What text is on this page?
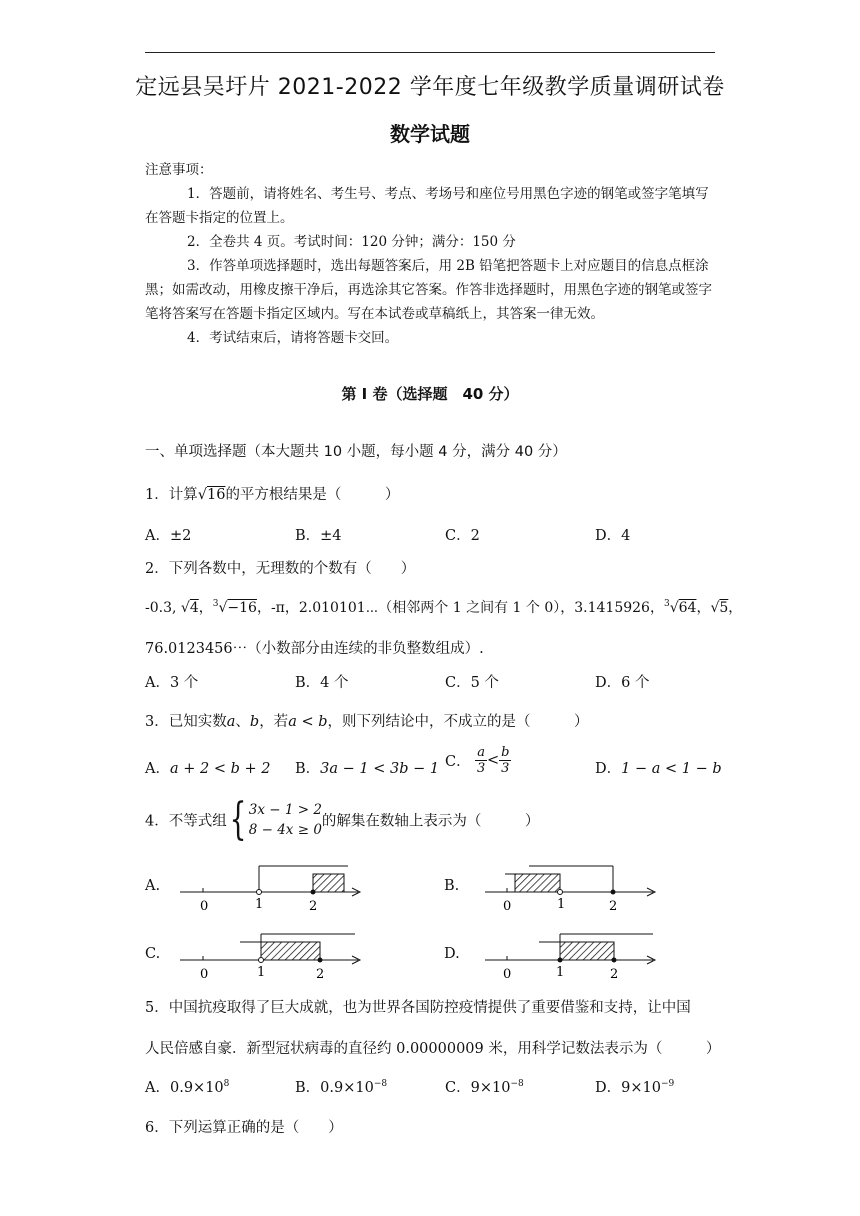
定远县吴圩片 2021-2022 学年度七年级教学质量调研试卷
数学试题

注意事项：

1．答题前，请将姓名、考生号、考点、考场号和座位号用黑色字迹的钢笔或签字笔填写在答题卡指定的位置上。

2．全卷共 4 页。考试时间：120 分钟；满分：150 分

3．作答单项选择题时，选出每题答案后，用 2B 铅笔把答题卡上对应题目的信息点框涂黑；如需改动，用橡皮擦干净后，再选涂其它答案。作答非选择题时，用黑色字迹的钢笔或签字笔将答案写在答题卡指定区域内。写在本试卷或草稿纸上，其答案一律无效。

4．考试结束后，请将答题卡交回。

第 I 卷（选择题　40 分）
一、单项选择题（本大题共 10 小题，每小题 4 分，满分 40 分）
1．计算√16的平方根结果是（　　　）
A．±2	B．±4	C．2	D．4
2．下列各数中，无理数的个数有（　　）
-0.3, √4，$^3$√−16，-π，2.010101⋯（相邻两个 1 之间有 1 个 0），3.1415926，$^3$√64，√5，
76.0123456⋯（小数部分由连续的非负整数组成）.
A．3 个	B．4 个	C．5 个	D．6 个
3．已知实数a、b，若a < b，则下列结论中，不成立的是（　　　）
A．a + 2 < b + 2 B．3a − 1 < 3b − 1 C． $\frac{a}{3} < \frac{b}{3}$	D．1 − a < 1 − b
4．不等式组{ 3x − 1 > 2
8 − 4x ≥ 0
的解集在数轴上表示为（　　　）
A.
0	1	2
B.
0	1	2
C.
0	1	2
D.
0	1	2
5．中国抗疫取得了巨大成就，也为世界各国防控疫情提供了重要借鉴和支持，让中国
人民倍感自豪．新型冠状病毒的直径约 0.00000009 米，用科学记数法表示为（　　　）
A．$0.9\times 10^8$	B．$0.9\times 10^{-8}$	C．$9\times 10^{-8}$	D．$9\times 10^{-9}$
6．下列运算正确的是（　　）
